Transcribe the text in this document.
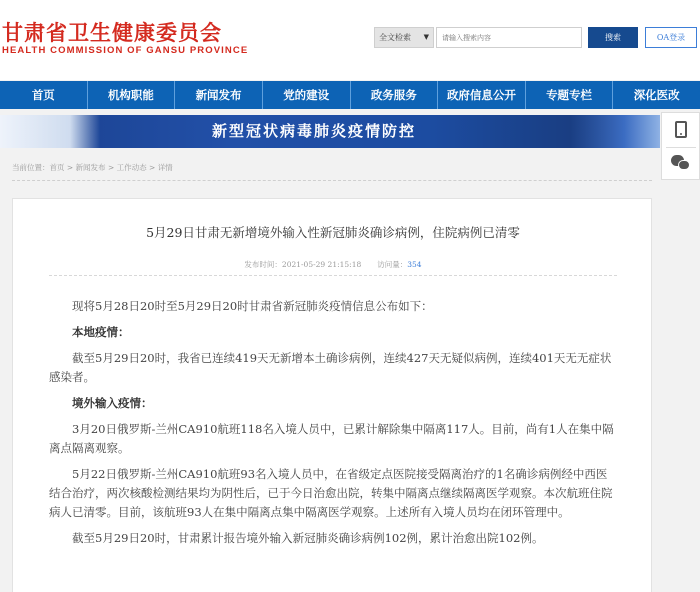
甘肃省卫生健康委员会
HEALTH COMMISSION OF GANSU PROVINCE
全文检索 ▼
请输入搜索内容	搜索	OA登录
首页	机构职能	新闻发布	党的建设	政务服务	政府信息公开	专题专栏	深化医改
新型冠状病毒肺炎疫情防控
当前位置：首页 > 新闻发布 > 工作动态 > 详情
5月29日甘肃无新增境外输入性新冠肺炎确诊病例，住院病例已清零
发布时间：2021-05-29 21:15:18 访问量：354
现将5月28日20时至5月29日20时甘肃省新冠肺炎疫情信息公布如下：
本地疫情：
截至5月29日20时，我省已连续419天无新增本土确诊病例，连续427天无疑似病例，连续401天无无症状感染者。
境外输入疫情：
3月20日俄罗斯-兰州CA910航班118名入境人员中，已累计解除集中隔离117人。目前，尚有1人在集中隔离点隔离观察。
5月22日俄罗斯-兰州CA910航班93名入境人员中，在省级定点医院接受隔离治疗的1名确诊病例经中西医结合治疗，两次核酸检测结果均为阴性后，已于今日治愈出院，转集中隔离点继续隔离医学观察。本次航班住院病人已清零。目前，该航班93人在集中隔离点集中隔离医学观察。上述所有入境人员均在闭环管理中。
截至5月29日20时，甘肃累计报告境外输入新冠肺炎确诊病例102例，累计治愈出院102例。
